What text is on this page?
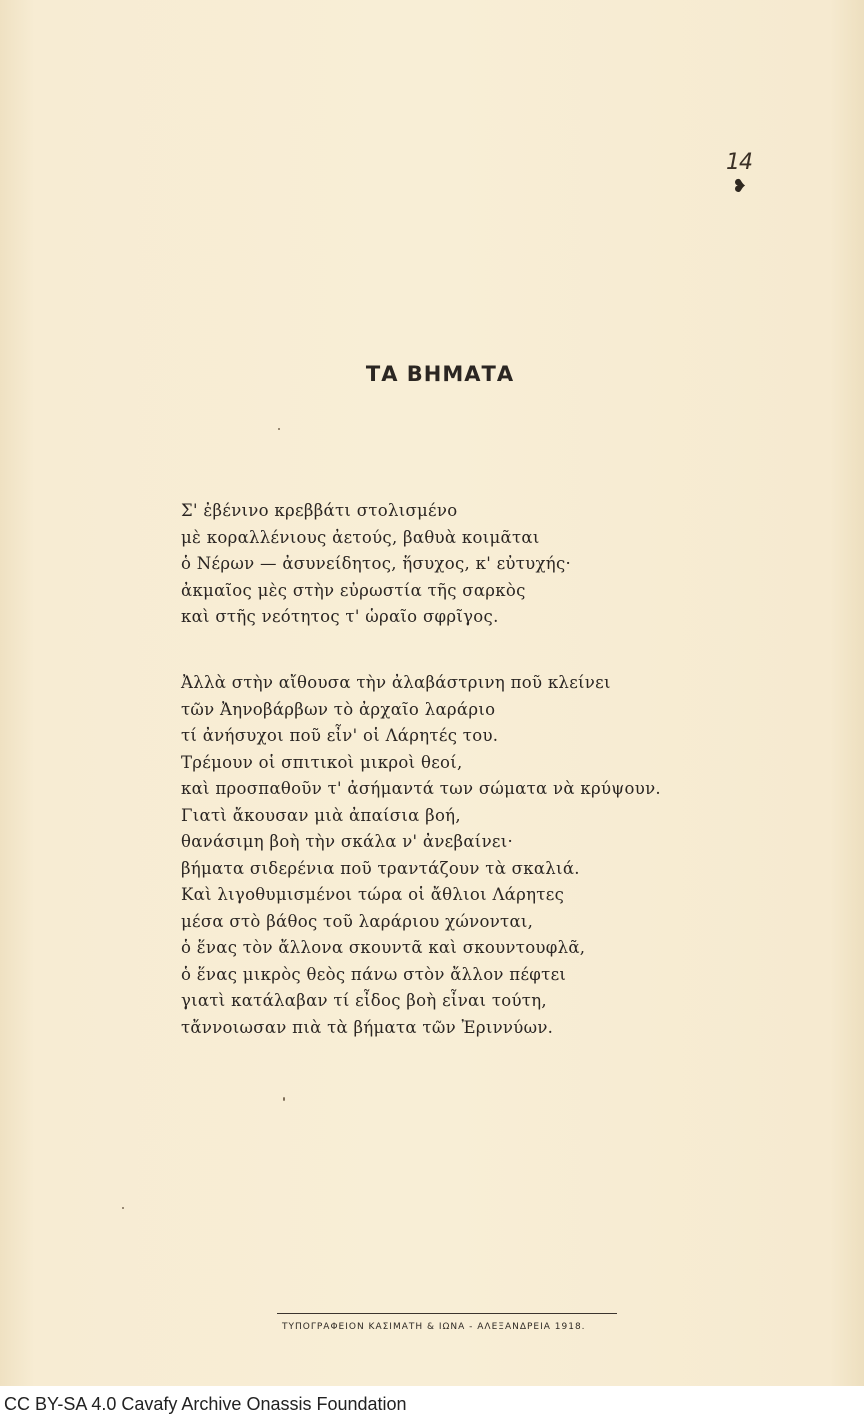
14
❥
ΤΑ ΒΗΜΑΤΑ
Σ' ἐβένινο κρεββάτι στολισμένο
μὲ κοραλλένιους ἀετούς, βαθυὰ κοιμᾶται
ὁ Νέρων — ἀσυνείδητος, ἥσυχος, κ' εὐτυχής·
ἀκμαῖος μὲς στὴν εὐρωστία τῆς σαρκὸς
καὶ στῆς νεότητος τ' ὡραῖο σφρῖγος.
Ἀλλὰ στὴν αἴθουσα τὴν ἀλαβάστρινη ποῦ κλείνει
τῶν Ἀηνοβάρβων τὸ ἀρχαῖο λαράριο
τί ἀνήσυχοι ποῦ εἶν' οἱ Λάρητές του.
Τρέμουν οἱ σπιτικοὶ μικροὶ θεοί,
καὶ προσπαθοῦν τ' ἀσήμαντά των σώματα νὰ κρύψουν.
Γιατὶ ἄκουσαν μιὰ ἀπαίσια βοή,
θανάσιμη βοὴ τὴν σκάλα ν' ἀνεβαίνει·
βήματα σιδερένια ποῦ τραντάζουν τὰ σκαλιά.
Καὶ λιγοθυμισμένοι τώρα οἱ ἄθλιοι Λάρητες
μέσα στὸ βάθος τοῦ λαράριου χώνονται,
ὁ ἕνας τὸν ἄλλονα σκουντᾶ καὶ σκουντουφλᾶ,
ὁ ἕνας μικρὸς θεὸς πάνω στὸν ἄλλον πέφτει
γιατὶ κατάλαβαν τί εἶδος βοὴ εἶναι τούτη,
τἄννοιωσαν πιὰ τὰ βήματα τῶν Ἐριννύων.
ΤΥΠΟΓΡΑΦΕΙΟΝ ΚΑΣΙΜΑΤΗ & ΙΩΝΑ - ΑΛΕΞΑΝΔΡΕΙΑ 1918.
CC BY-SA 4.0 Cavafy Archive Onassis Foundation
